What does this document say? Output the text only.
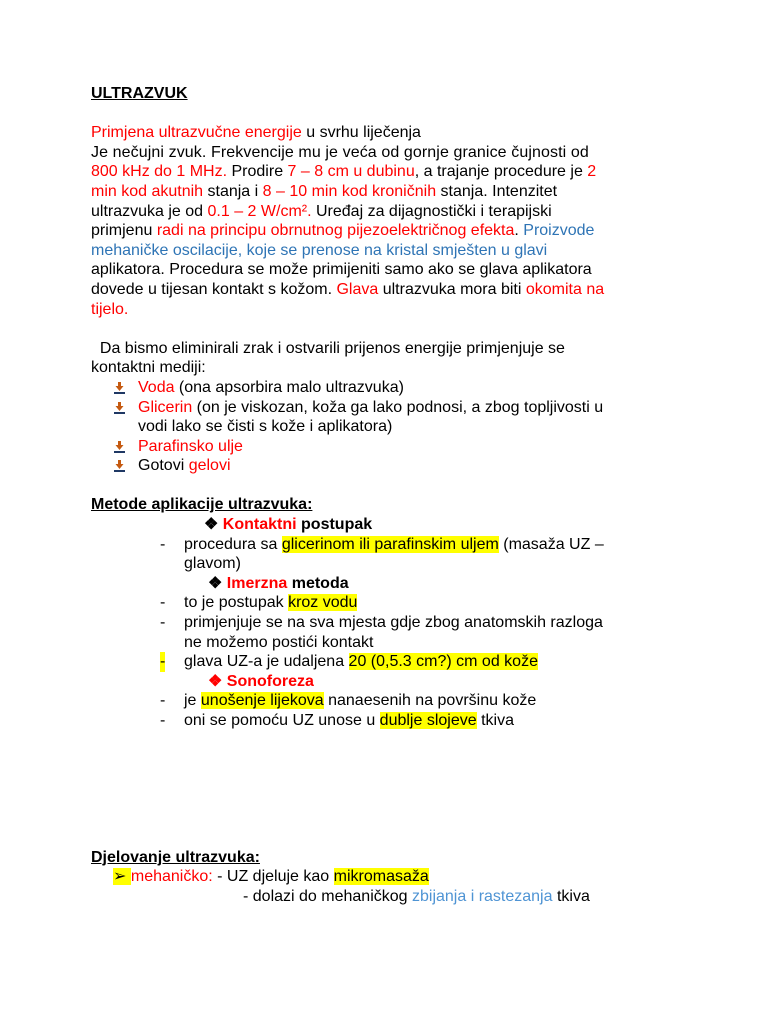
ULTRAZVUK
Primjena ultrazvučne energije u svrhu liječenja
Je nečujni zvuk. Frekvencije mu je veća od gornje granice čujnosti od
800 kHz do 1 MHz. Prodire 7 – 8 cm u dubinu, a trajanje procedure je 2
min kod akutnih stanja i 8 – 10 min kod kroničnih stanja. Intenzitet
ultrazvuka je od 0.1 – 2 W/cm². Uređaj za dijagnostički i terapijski
primjenu radi na principu obrnutnog pijezoelektričnog efekta. Proizvode
mehaničke oscilacije, koje se prenose na kristal smješten u glavi
aplikatora. Procedura se može primijeniti samo ako se glava aplikatora
dovede u tijesan kontakt s kožom. Glava ultrazvuka mora biti okomita na
tijelo.
Da bismo eliminirali zrak i ostvarili prijenos energije primjenjuje se
kontaktni mediji:
Voda (ona apsorbira malo ultrazvuka)
Glicerin (on je viskozan, koža ga lako podnosi, a zbog topljivosti u
vodi lako se čisti s kože i aplikatora)
Parafinsko ulje
Gotovi gelovi
Metode aplikacije ultrazvuka:
❖ Kontaktni postupak
- procedura sa glicerinom ili parafinskim uljem (masaža UZ –
glavom)
❖ Imerzna metoda
- to je postupak kroz vodu
- primjenjuje se na sva mjesta gdje zbog anatomskih razloga
ne možemo postići kontakt
- glava UZ-a je udaljena 20 (0,5.3 cm?) cm od kože
❖ Sonoforeza
- je unošenje lijekova nanaesenih na površinu kože
- oni se pomoću UZ unose u dublje slojeve tkiva
Djelovanje ultrazvuka:
➢ mehaničko: - UZ djeluje kao mikromasaža
- dolazi do mehaničkog zbijanja i rastezanja tkiva
